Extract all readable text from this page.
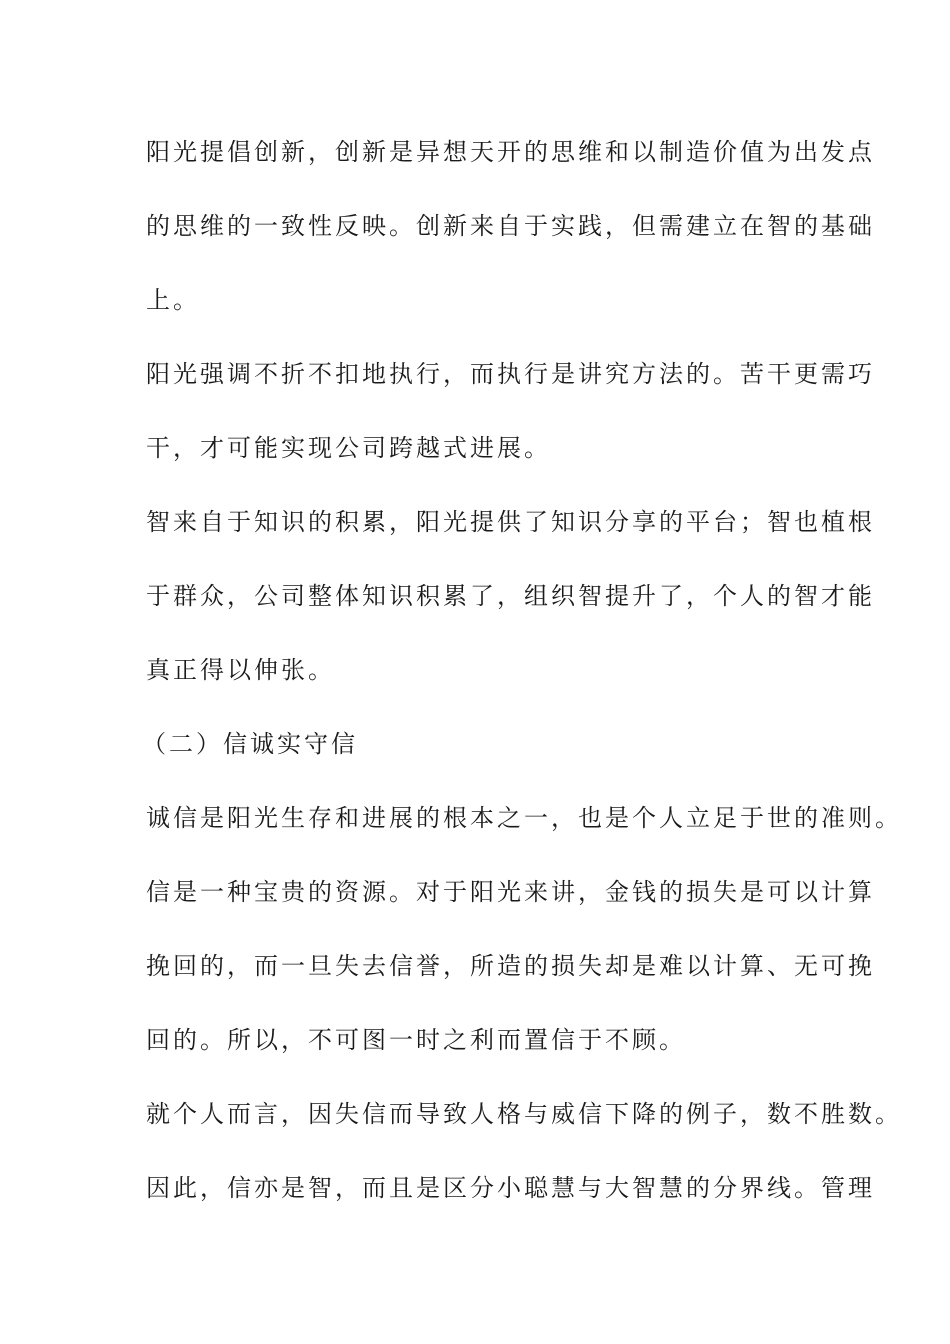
阳光提倡创新，创新是异想天开的思维和以制造价值为出发点

的思维的一致性反映。创新来自于实践，但需建立在智的基础

上。

阳光强调不折不扣地执行，而执行是讲究方法的。苦干更需巧

干，才可能实现公司跨越式进展。

智来自于知识的积累，阳光提供了知识分享的平台；智也植根

于群众，公司整体知识积累了，组织智提升了，个人的智才能

真正得以伸张。

（二）信诚实守信

诚信是阳光生存和进展的根本之一，也是个人立足于世的准则。

信是一种宝贵的资源。对于阳光来讲，金钱的损失是可以计算

挽回的，而一旦失去信誉，所造的损失却是难以计算、无可挽

回的。所以，不可图一时之利而置信于不顾。

就个人而言，因失信而导致人格与威信下降的例子，数不胜数。

因此，信亦是智，而且是区分小聪慧与大智慧的分界线。管理
